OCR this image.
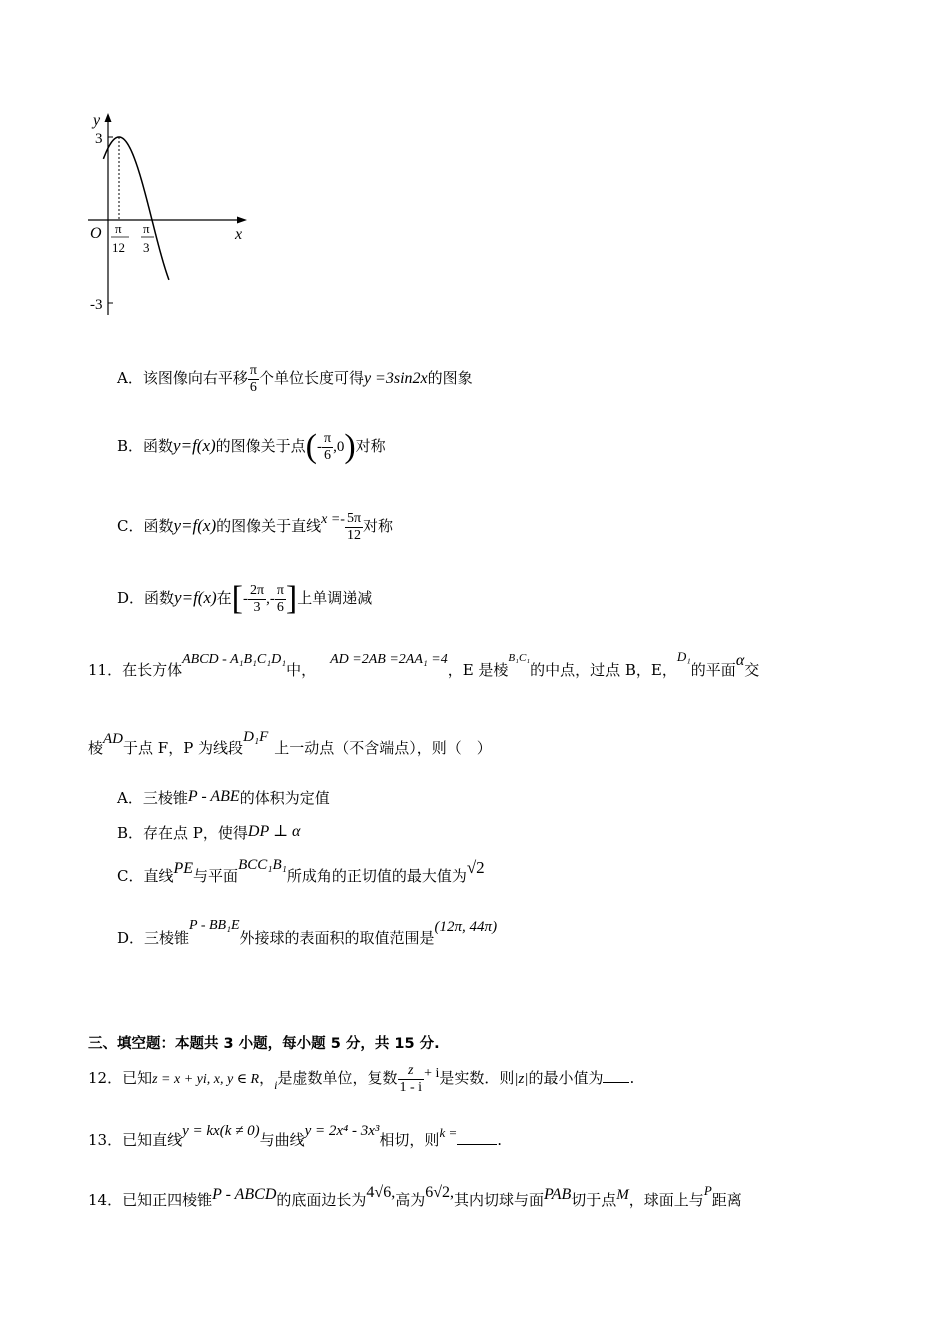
y
3
O	x
π
12
π
3
-3
A．该图像向右平移 $\frac{\pi}{6}$ 个单位长度可得y =3sin2x的图象
B．函数y=f(x)的图像关于点(- $\frac{\pi}{6} ,0$)对称
C．函数y=f(x)的图像关于直线$x =- \frac{5\pi}{12}$ 对称
D．函数y=f(x)在[- $\frac{2\pi}{3}$ ,- $\frac{\pi}{6}$ ]上单调递减
11．在长方体ABCD - A₁B₁C₁D₁中，AD =2AB =2AA₁ =4，E 是棱$^{B_1C_1}$的中点，过点 B，E，D₁的平面α交
棱AD于点 F，P 为线段D₁F上一动点（不含端点），则（　）
A．三棱锥P - ABE的体积为定值
B．存在点 P，使得DP ⊥ α
C．直线PE与平面BCC₁B₁所成角的正切值的最大值为√2
D．三棱锥P - BB₁E外接球的表面积的取值范围是(12π, 44π)
三、填空题：本题共 3 小题，每小题 5 分，共 15 分.
12．已知z = x + yi, x, y ∈ R，$_i$是虚数单位，复数 $\frac{z}{1 - i} + i$是实数．则|z|的最小值为 .
13．已知直线y = kx(k ≠ 0)与曲线y = 2x⁴ - 3x³相切，则k =	.
14．已知正四棱锥P - ABCD的底面边长为4√6,高为6√2,其内切球与面PAB切于点M，球面上与P距离
